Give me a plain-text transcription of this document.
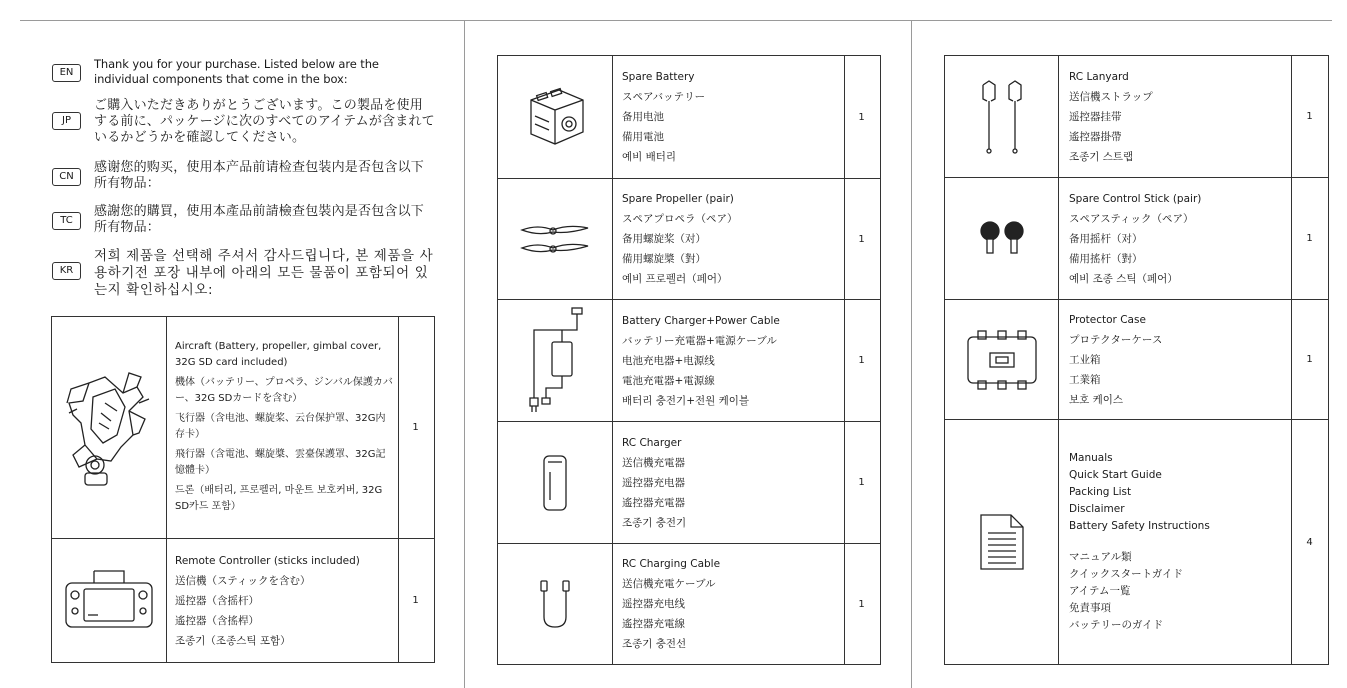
EN
Thank you for your purchase. Listed below are the individual components that come in the box:
JP
ご購入いただきありがとうございます。この製品を使用する前に、パッケージに次のすべてのアイテムが含まれているかどうかを確認してください。
CN
感谢您的购买，使用本产品前请检查包装内是否包含以下所有物品：
TC
感謝您的購買，使用本產品前請檢查包裝內是否包含以下所有物品：
KR
저희 제품을 선택해 주셔서 감사드립니다, 본 제품을 사용하기전 포장 내부에 아래의 모든 물품이 포함되어 있는지 확인하십시오:
Aircraft (Battery, propeller, gimbal cover, 32G SD card included)
機体（バッテリー、プロペラ、ジンバル保護カバー、32G SDカードを含む）
飞行器（含电池、螺旋桨、云台保护罩、32G内存卡）
飛行器（含電池、螺旋槳、雲臺保護罩、32G記憶體卡）
드론（배터리, 프로펠러, 마운트 보호커버, 32G SD카드 포함）
1
Remote Controller (sticks included)
送信機（スティックを含む）
遥控器（含摇杆）
遙控器（含搖桿）
조종기（조종스틱 포함）
1
Spare Battery
スペアバッテリー
备用电池
備用電池
예비 배터리
1
Spare Propeller (pair)
スペアプロペラ（ペア）
备用螺旋桨（对）
備用螺旋槳（對）
예비 프로펠러（페어）
1
Battery Charger+Power Cable
バッテリー充電器+電源ケーブル
电池充电器+电源线
電池充電器+電源線
배터리 충전기+전원 케이블
1
RC Charger
送信機充電器
遥控器充电器
遙控器充電器
조종기 충전기
1
RC Charging Cable
送信機充電ケーブル
遥控器充电线
遙控器充電線
조종기 충전선
1
RC Lanyard
送信機ストラップ
遥控器挂带
遙控器掛帶
조종기 스트랩
1
Spare Control Stick (pair)
スペアスティック（ペア）
备用摇杆（对）
備用搖杆（對）
예비 조종 스틱（페어）
1
Protector Case
プロテクターケース
工业箱
工業箱
보호 케이스
1
Manuals
Quick Start Guide
Packing List
Disclaimer
Battery Safety Instructions
マニュアル類
クイックスタートガイド
アイテム一覧
免責事項
バッテリーのガイド
4
